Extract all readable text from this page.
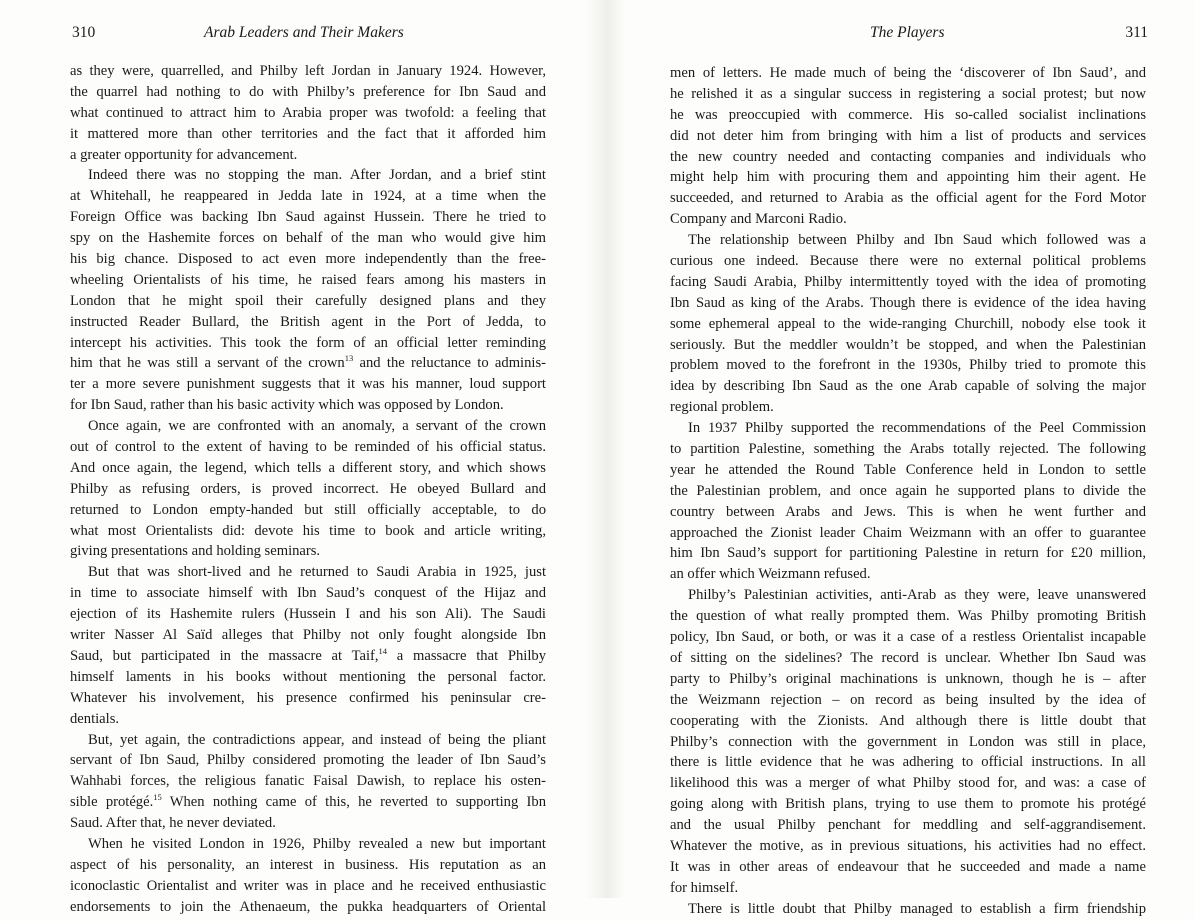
310	Arab Leaders and Their Makers
as they were, quarrelled, and Philby left Jordan in January 1924. However,
the quarrel had nothing to do with Philby’s preference for Ibn Saud and
what continued to attract him to Arabia proper was twofold: a feeling that
it mattered more than other territories and the fact that it afforded him
a greater opportunity for advancement.
Indeed there was no stopping the man. After Jordan, and a brief stint
at Whitehall, he reappeared in Jedda late in 1924, at a time when the
Foreign Office was backing Ibn Saud against Hussein. There he tried to
spy on the Hashemite forces on behalf of the man who would give him
his big chance. Disposed to act even more independently than the free-
wheeling Orientalists of his time, he raised fears among his masters in
London that he might spoil their carefully designed plans and they
instructed Reader Bullard, the British agent in the Port of Jedda, to
intercept his activities. This took the form of an official letter reminding
him that he was still a servant of the crown$^{13}$ and the reluctance to adminis-
ter a more severe punishment suggests that it was his manner, loud support
for Ibn Saud, rather than his basic activity which was opposed by London.
Once again, we are confronted with an anomaly, a servant of the crown
out of control to the extent of having to be reminded of his official status.
And once again, the legend, which tells a different story, and which shows
Philby as refusing orders, is proved incorrect. He obeyed Bullard and
returned to London empty-handed but still officially acceptable, to do
what most Orientalists did: devote his time to book and article writing,
giving presentations and holding seminars.
But that was short-lived and he returned to Saudi Arabia in 1925, just
in time to associate himself with Ibn Saud’s conquest of the Hijaz and
ejection of its Hashemite rulers (Hussein I and his son Ali). The Saudi
writer Nasser Al Saïd alleges that Philby not only fought alongside Ibn
Saud, but participated in the massacre at Taif,$^{14}$ a massacre that Philby
himself laments in his books without mentioning the personal factor.
Whatever his involvement, his presence confirmed his peninsular cre-
dentials.
But, yet again, the contradictions appear, and instead of being the pliant
servant of Ibn Saud, Philby considered promoting the leader of Ibn Saud’s
Wahhabi forces, the religious fanatic Faisal Dawish, to replace his osten-
sible protégé.$^{15}$ When nothing came of this, he reverted to supporting Ibn
Saud. After that, he never deviated.
When he visited London in 1926, Philby revealed a new but important
aspect of his personality, an interest in business. His reputation as an
iconoclastic Orientalist and writer was in place and he received enthusiastic
endorsements to join the Athenaeum, the pukka headquarters of Oriental
The Players	311
men of letters. He made much of being the ‘discoverer of Ibn Saud’, and
he relished it as a singular success in registering a social protest; but now
he was preoccupied with commerce. His so-called socialist inclinations
did not deter him from bringing with him a list of products and services
the new country needed and contacting companies and individuals who
might help him with procuring them and appointing him their agent. He
succeeded, and returned to Arabia as the official agent for the Ford Motor
Company and Marconi Radio.
The relationship between Philby and Ibn Saud which followed was a
curious one indeed. Because there were no external political problems
facing Saudi Arabia, Philby intermittently toyed with the idea of promoting
Ibn Saud as king of the Arabs. Though there is evidence of the idea having
some ephemeral appeal to the wide-ranging Churchill, nobody else took it
seriously. But the meddler wouldn’t be stopped, and when the Palestinian
problem moved to the forefront in the 1930s, Philby tried to promote this
idea by describing Ibn Saud as the one Arab capable of solving the major
regional problem.
In 1937 Philby supported the recommendations of the Peel Commission
to partition Palestine, something the Arabs totally rejected. The following
year he attended the Round Table Conference held in London to settle
the Palestinian problem, and once again he supported plans to divide the
country between Arabs and Jews. This is when he went further and
approached the Zionist leader Chaim Weizmann with an offer to guarantee
him Ibn Saud’s support for partitioning Palestine in return for £20 million,
an offer which Weizmann refused.
Philby’s Palestinian activities, anti-Arab as they were, leave unanswered
the question of what really prompted them. Was Philby promoting British
policy, Ibn Saud, or both, or was it a case of a restless Orientalist incapable
of sitting on the sidelines? The record is unclear. Whether Ibn Saud was
party to Philby’s original machinations is unknown, though he is – after
the Weizmann rejection – on record as being insulted by the idea of
cooperating with the Zionists. And although there is little doubt that
Philby’s connection with the government in London was still in place,
there is little evidence that he was adhering to official instructions. In all
likelihood this was a merger of what Philby stood for, and was: a case of
going along with British plans, trying to use them to promote his protégé
and the usual Philby penchant for meddling and self-aggrandisement.
Whatever the motive, as in previous situations, his activities had no effect.
It was in other areas of endeavour that he succeeded and made a name
for himself.
There is little doubt that Philby managed to establish a firm friendship
